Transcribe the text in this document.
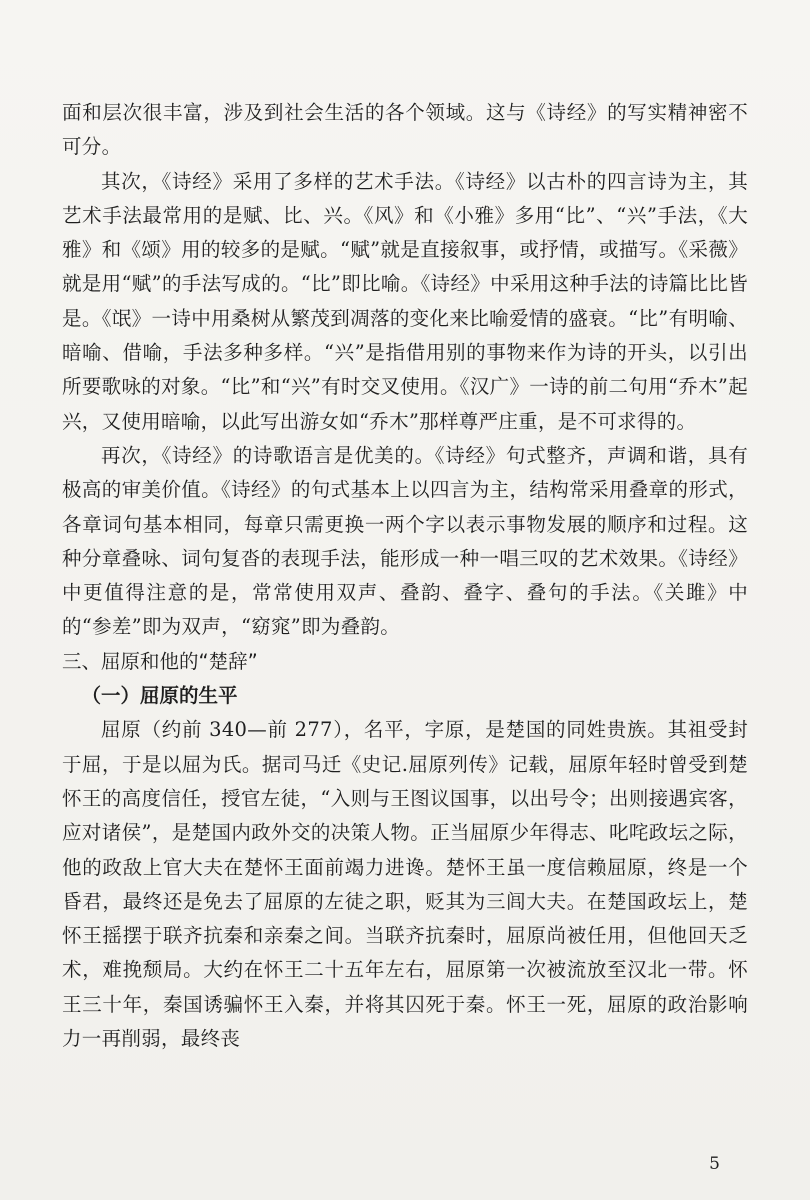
面和层次很丰富，涉及到社会生活的各个领域。这与《诗经》的写实精神密不可分。

其次，《诗经》采用了多样的艺术手法。《诗经》以古朴的四言诗为主，其艺术手法最常用的是赋、比、兴。《风》和《小雅》多用“比”、“兴”手法，《大雅》和《颂》用的较多的是赋。“赋”就是直接叙事，或抒情，或描写。《采薇》就是用“赋”的手法写成的。“比”即比喻。《诗经》中采用这种手法的诗篇比比皆是。《氓》一诗中用桑树从繁茂到凋落的变化来比喻爱情的盛衰。“比”有明喻、暗喻、借喻，手法多种多样。“兴”是指借用别的事物来作为诗的开头，以引出所要歌咏的对象。“比”和“兴”有时交叉使用。《汉广》一诗的前二句用“乔木”起兴，又使用暗喻，以此写出游女如“乔木”那样尊严庄重，是不可求得的。

再次，《诗经》的诗歌语言是优美的。《诗经》句式整齐，声调和谐，具有极高的审美价值。《诗经》的句式基本上以四言为主，结构常采用叠章的形式，各章词句基本相同，每章只需更换一两个字以表示事物发展的顺序和过程。这种分章叠咏、词句复沓的表现手法，能形成一种一唱三叹的艺术效果。《诗经》中更值得注意的是，常常使用双声、叠韵、叠字、叠句的手法。《关雎》中的“参差”即为双声，“窈窕”即为叠韵。

三、屈原和他的“楚辞”
（一）屈原的生平

屈原（约前 340—前 277），名平，字原，是楚国的同姓贵族。其祖受封于屈，于是以屈为氏。据司马迁《史记.屈原列传》记载，屈原年轻时曾受到楚怀王的高度信任，授官左徒，“入则与王图议国事，以出号令；出则接遇宾客，应对诸侯”，是楚国内政外交的决策人物。正当屈原少年得志、叱咤政坛之际，他的政敌上官大夫在楚怀王面前竭力进谗。楚怀王虽一度信赖屈原，终是一个昏君，最终还是免去了屈原的左徒之职，贬其为三闾大夫。在楚国政坛上，楚怀王摇摆于联齐抗秦和亲秦之间。当联齐抗秦时，屈原尚被任用，但他回天乏术，难挽颓局。大约在怀王二十五年左右，屈原第一次被流放至汉北一带。怀王三十年，秦国诱骗怀王入秦，并将其囚死于秦。怀王一死，屈原的政治影响力一再削弱，最终丧

5
